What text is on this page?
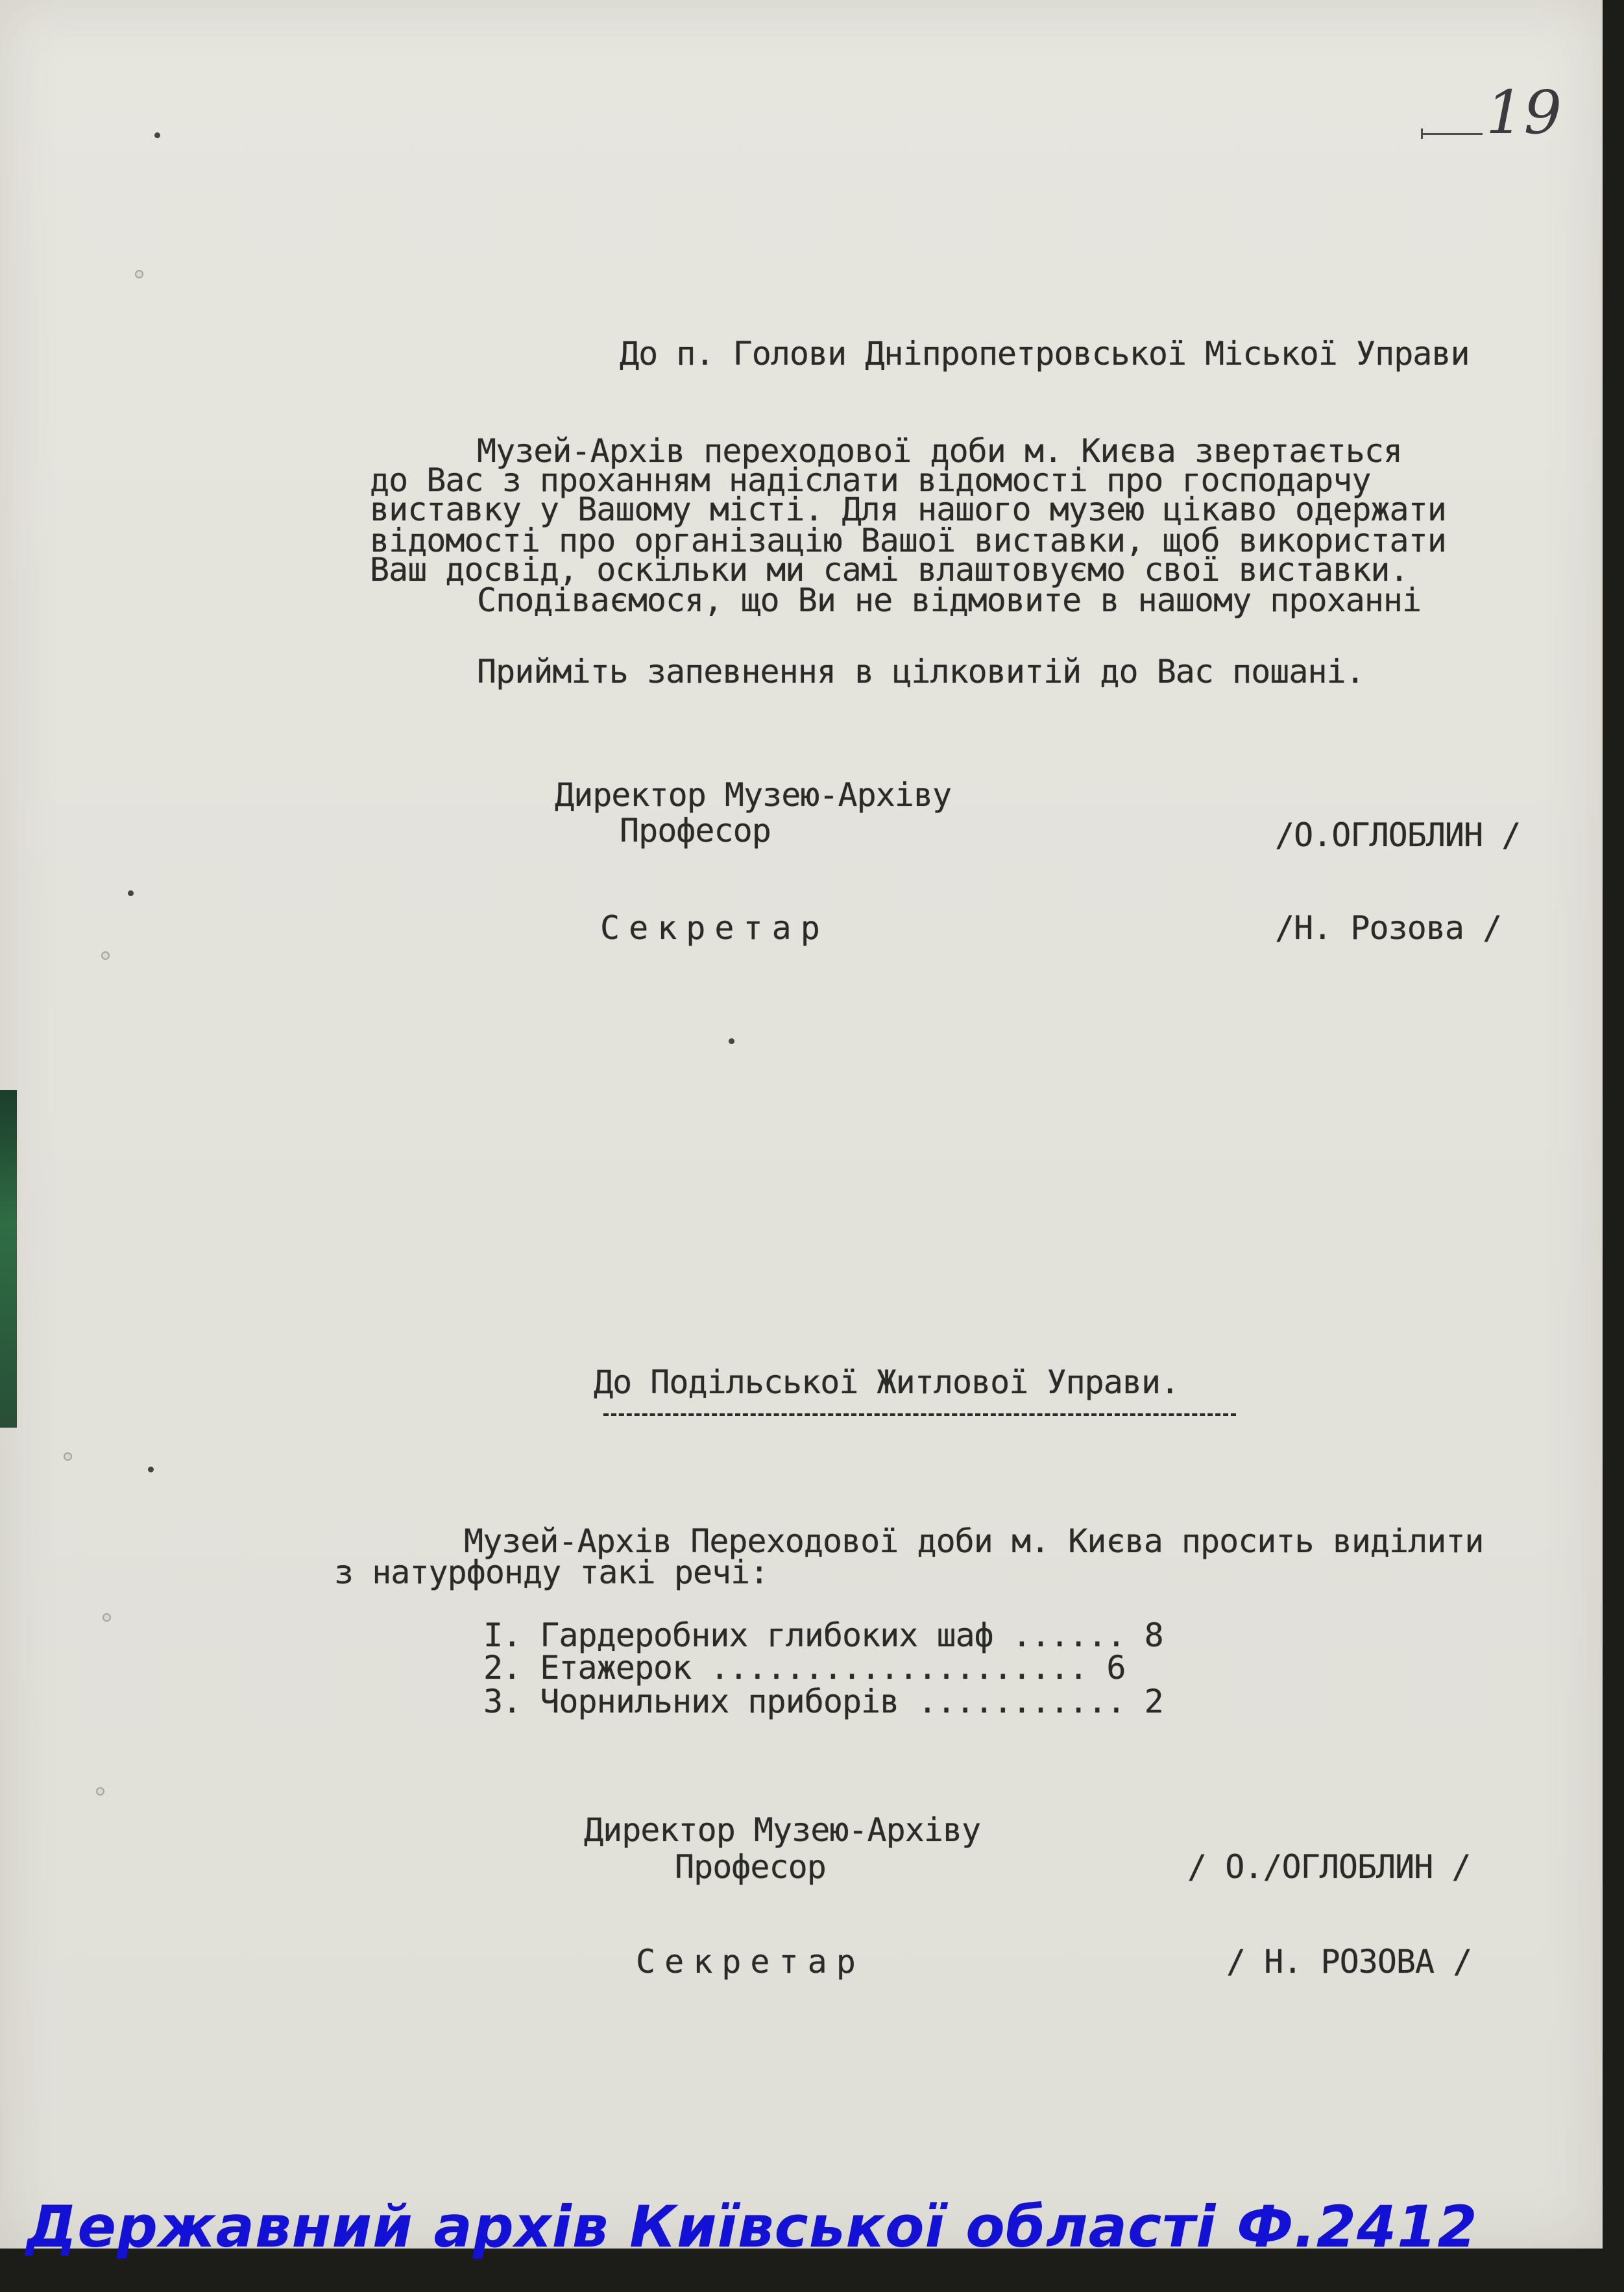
19
До п. Голови Дніпропетровської Міської Управи
Музей-Архів переходової доби м. Києва звертається
до Вас з проханням надіслати відомості про господарчу
виставку у Вашому місті. Для нашого музею цікаво одержати
відомості про організацію Вашої виставки, щоб використати
Ваш досвід, оскільки ми самі влаштовуємо свої виставки.
Сподіваємося, що Ви не відмовите в нашому проханні
Прийміть запевнення в цілковитій до Вас пошані.
Директор Музею-Архіву
Професор	/О.ОГЛОБЛИН /
Секретар	/Н. Розова /
До Подільської Житлової Управи.
Музей-Архів Переходової доби м. Києва просить виділити
з натурфонду такі речі:
I. Гардеробних глибоких шаф ...... 8
2. Етажерок .................... 6
3. Чорнильних приборів ........... 2
Директор Музею-Архіву
Професор	/ О./ОГЛОБЛИН /
Секретар	/ Н. РОЗОВА /
Державний архів Київської області Ф.2412
